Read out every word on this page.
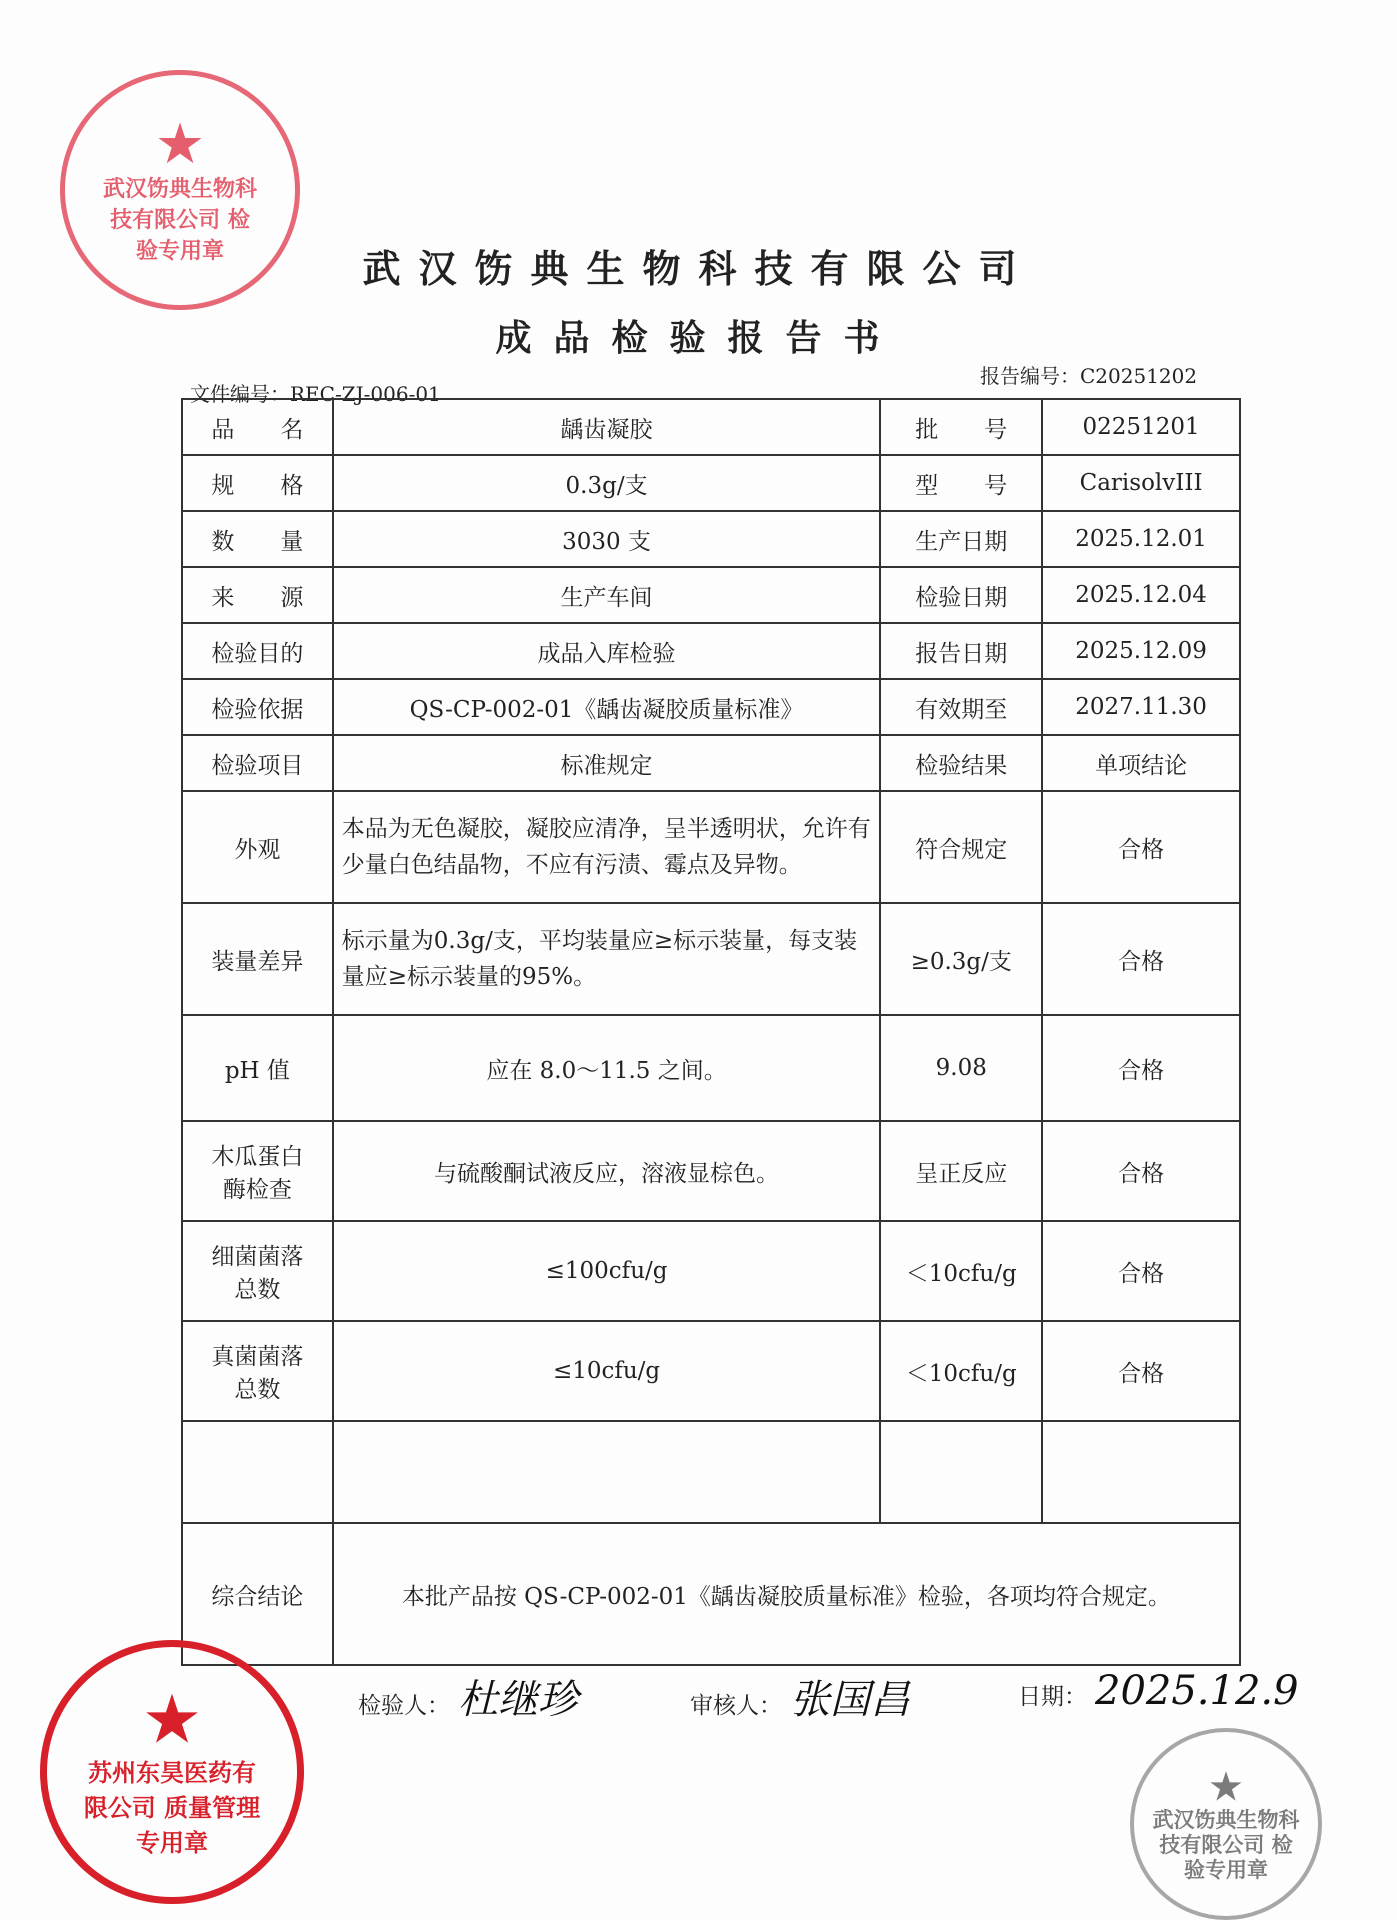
武汉饬典生物科技有限公司
成品检验报告书
文件编号：REC-ZJ-006-01
报告编号：C20251202
品　　名	龋齿凝胶	批　　号	02251201
规　　格	0.3g/支	型　　号	CarisolvIII
数　　量	3030 支	生产日期	2025.12.01
来　　源	生产车间	检验日期	2025.12.04
检验目的	成品入库检验	报告日期	2025.12.09
检验依据	QS-CP-002-01《龋齿凝胶质量标准》	有效期至	2027.11.30
检验项目	标准规定	检验结果	单项结论
外观	本品为无色凝胶，凝胶应清净，呈半透明状，允许有少量白色结晶物，不应有污渍、霉点及异物。	符合规定	合格
装量差异	标示量为0.3g/支，平均装量应≥标示装量，每支装量应≥标示装量的95%。	≥0.3g/支	合格
pH 值	应在 8.0～11.5 之间。	9.08	合格
木瓜蛋白酶检查	与硫酸酮试液反应，溶液显棕色。	呈正反应	合格
细菌菌落总数	≤100cfu/g	＜10cfu/g	合格
真菌菌落总数	≤10cfu/g	＜10cfu/g	合格

综合结论	本批产品按 QS-CP-002-01《龋齿凝胶质量标准》检验，各项均符合规定。		
检验人： 杜继珍	审核人： 张国昌	日期： 2025.12.9
★
武汉饬典生物科技有限公司 检验专用章
★
武汉饬典生物科技有限公司 检验专用章
★
苏州东昊医药有限公司 质量管理专用章
